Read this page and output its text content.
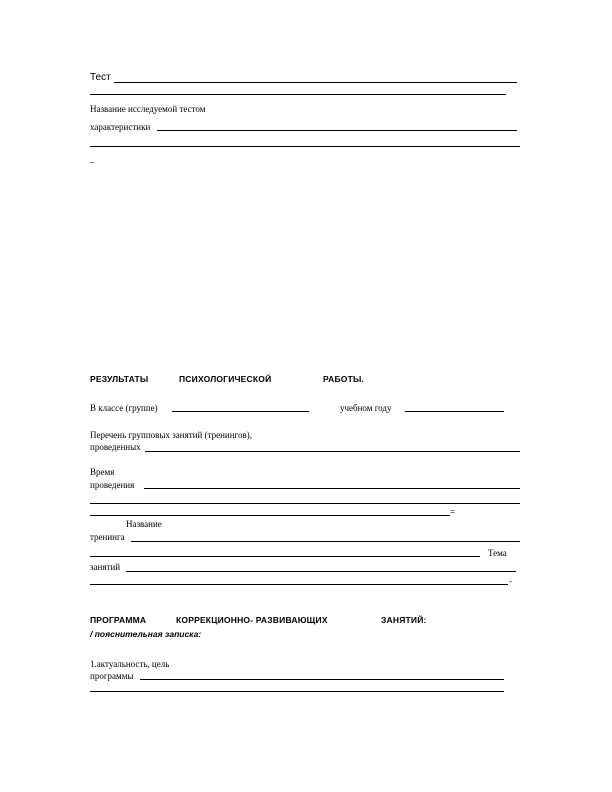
Тест
Название исследуемой тестом
характеристики
_
РЕЗУЛЬТАТЫ	ПСИХОЛОГИЧЕСКОЙ	РАБОТЫ.
В классе (группе)	учебном году
Перечень групповых занятий (тренингов),
проведенных
Время
проведения
=
Название
тренинга
Тема
занятий
-
ПРОГРАММА	КОРРЕКЦИОННО- РАЗВИВАЮЩИХ	ЗАНЯТИЙ:
/ пояснительная записка:
1.актуальность, цель
программы
